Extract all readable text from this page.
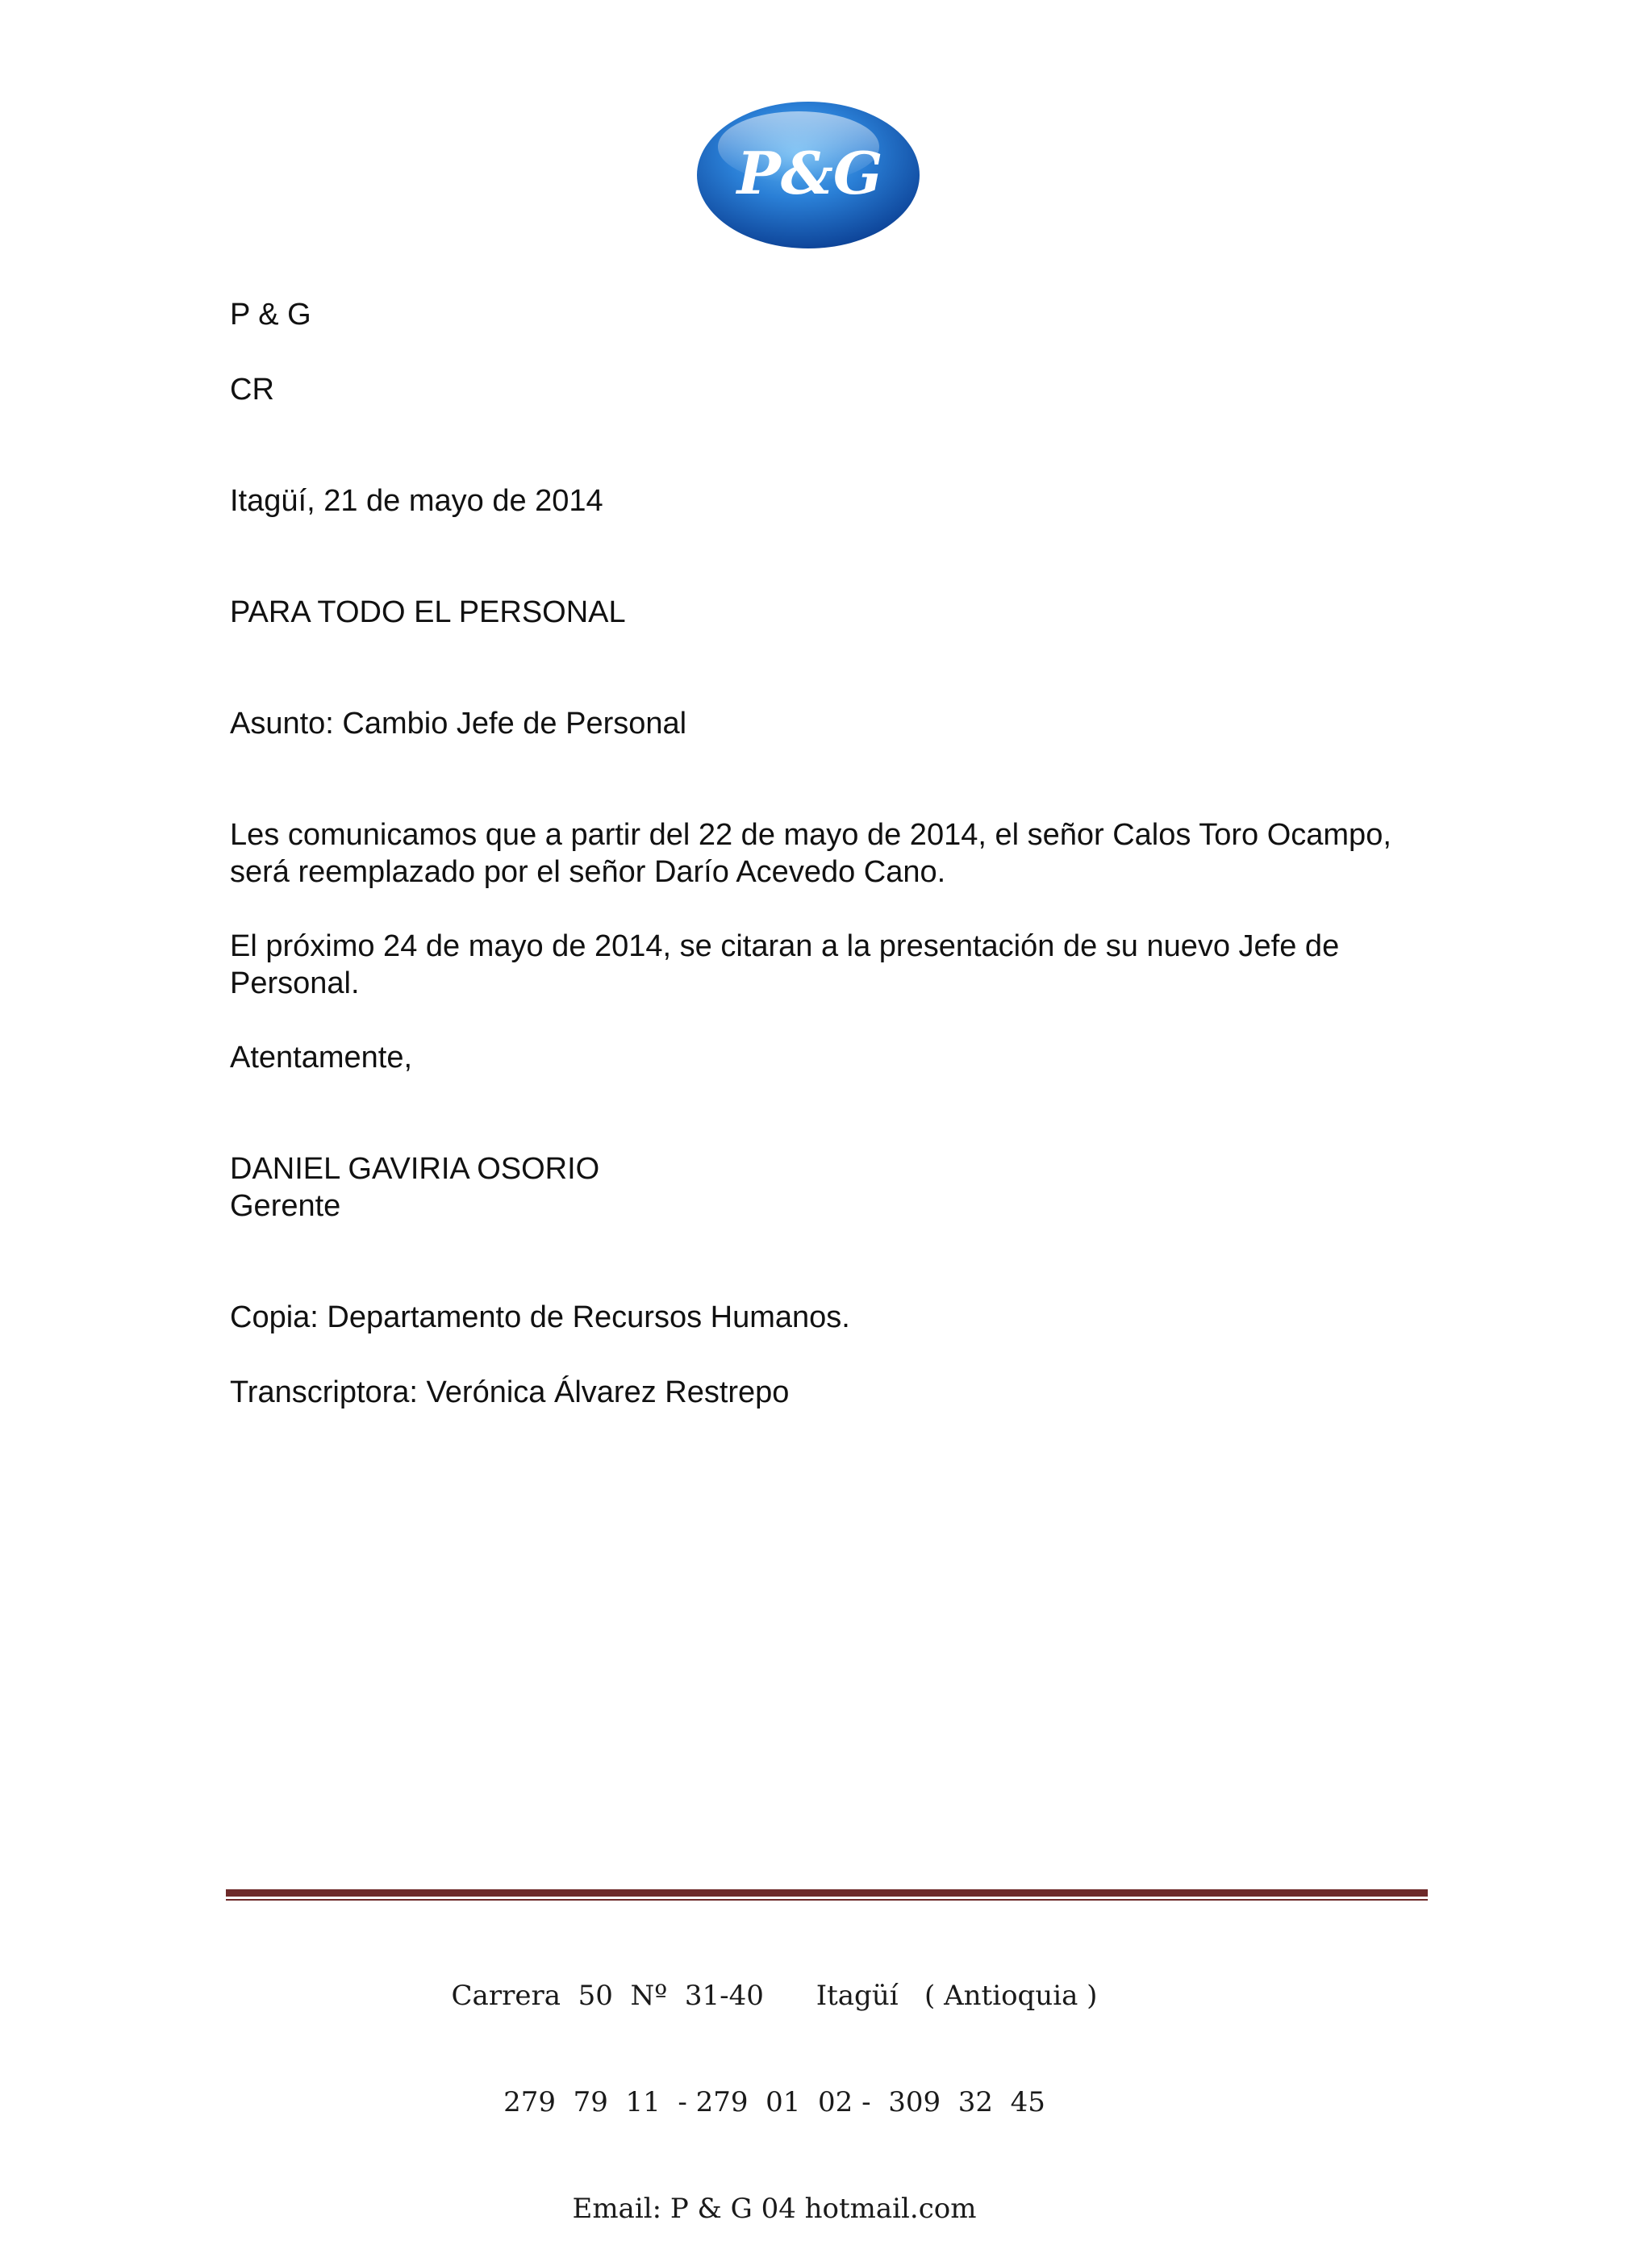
P&G

P & G

CR

Itagüí, 21 de mayo de 2014

PARA TODO EL PERSONAL

Asunto: Cambio Jefe de Personal

Les comunicamos que a partir del 22 de mayo de 2014, el señor Calos Toro Ocampo, será reemplazado por el señor Darío Acevedo Cano.

El próximo 24 de mayo de 2014, se citaran a la presentación de su nuevo Jefe de Personal.

Atentamente,

DANIEL GAVIRIA OSORIO

Gerente

Copia: Departamento de Recursos Humanos.

Transcriptora: Verónica Álvarez Restrepo

Carrera  50  Nº  31-40      Itagüí   ( Antioquia )

279  79  11  - 279  01  02 -  309  32  45

Email: P & G 04 hotmail.com
